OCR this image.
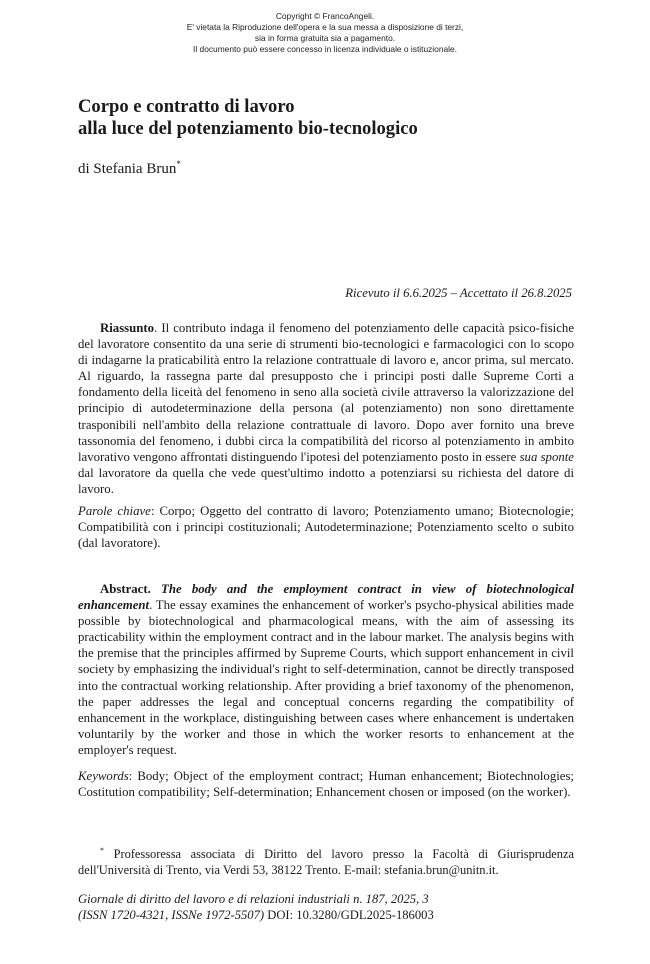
Copyright © FrancoAngeli.
E' vietata la Riproduzione dell'opera e la sua messa a disposizione di terzi,
sia in forma gratuita sia a pagamento.
Il documento può essere concesso in licenza individuale o istituzionale.
Corpo e contratto di lavoro
alla luce del potenziamento bio-tecnologico
di Stefania Brun*
Ricevuto il 6.6.2025 – Accettato il 26.8.2025

Riassunto. Il contributo indaga il fenomeno del potenziamento delle capacità psico-fisiche del lavoratore consentito da una serie di strumenti bio-tecnologici e farmacologici con lo scopo di indagarne la praticabilità entro la relazione contrattuale di lavoro e, ancor prima, sul mercato. Al riguardo, la rassegna parte dal presupposto che i principi posti dalle Supreme Corti a fondamento della liceità del fenomeno in seno alla società civile attraverso la valorizzazione del principio di autodeterminazione della persona (al potenziamento) non sono direttamente trasponibili nell'ambito della relazione contrattuale di lavoro. Dopo aver fornito una breve tassonomia del fenomeno, i dubbi circa la compatibilità del ricorso al potenziamento in ambito lavorativo vengono affrontati distinguendo l'ipotesi del potenziamento posto in essere sua sponte dal lavoratore da quella che vede quest'ultimo indotto a potenziarsi su richiesta del datore di lavoro.

Parole chiave: Corpo; Oggetto del contratto di lavoro; Potenziamento umano; Biotecnologie; Compatibilità con i principi costituzionali; Autodeterminazione; Potenziamento scelto o subito (dal lavoratore).

Abstract. The body and the employment contract in view of biotechnological enhancement. The essay examines the enhancement of worker's psycho-physical abilities made possible by biotechnological and pharmacological means, with the aim of assessing its practicability within the employment contract and in the labour market. The analysis begins with the premise that the principles affirmed by Supreme Courts, which support enhancement in civil society by emphasizing the individual's right to self-determination, cannot be directly transposed into the contractual working relationship. After providing a brief taxonomy of the phenomenon, the paper addresses the legal and conceptual concerns regarding the compatibility of enhancement in the workplace, distinguishing between cases where enhancement is undertaken voluntarily by the worker and those in which the worker resorts to enhancement at the employer's request.

Keywords: Body; Object of the employment contract; Human enhancement; Biotechnologies; Costitution compatibility; Self-determination; Enhancement chosen or imposed (on the worker).

* Professoressa associata di Diritto del lavoro presso la Facoltà di Giurisprudenza dell'Università di Trento, via Verdi 53, 38122 Trento. E-mail: stefania.brun@unitn.it.

Giornale di diritto del lavoro e di relazioni industriali n. 187, 2025, 3
(ISSN 1720-4321, ISSNe 1972-5507) DOI: 10.3280/GDL2025-186003
